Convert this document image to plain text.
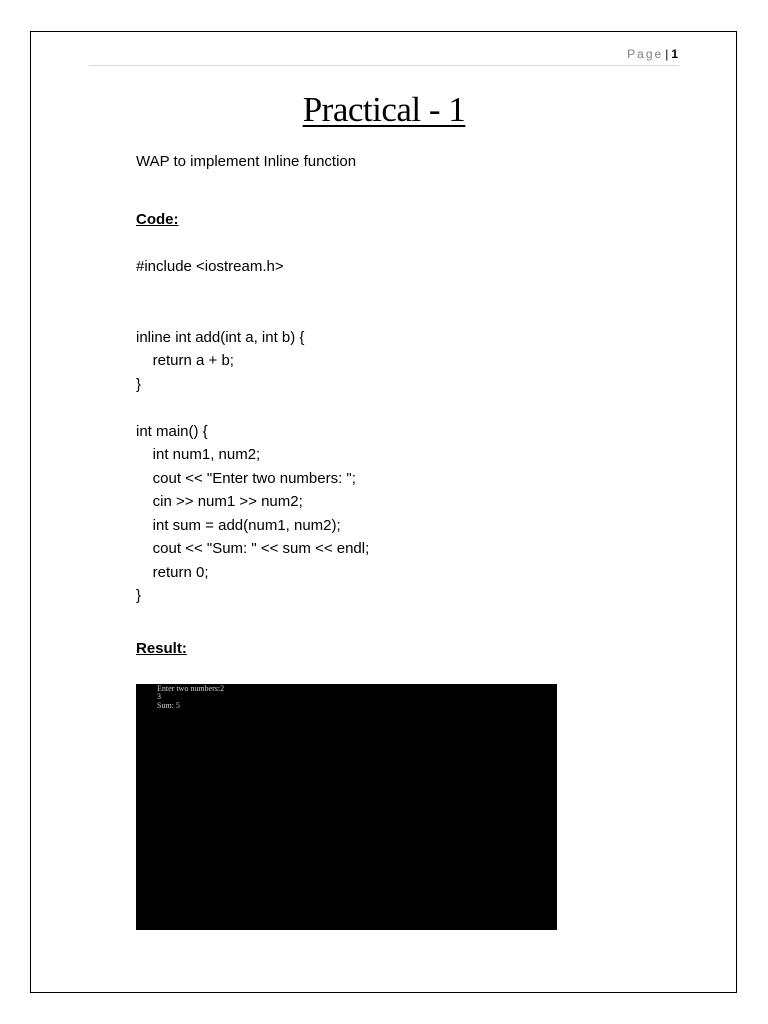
Page | 1
Practical - 1
WAP to implement Inline function
Code:
#include <iostream.h>
inline int add(int a, int b) {
return a + b;
}
int main() {
int num1, num2;
cout << "Enter two numbers: ";
cin >> num1 >> num2;
int sum = add(num1, num2);
cout << "Sum: " << sum << endl;
return 0;
}
Result:
Enter two numbers:2
3
Sum: 5
